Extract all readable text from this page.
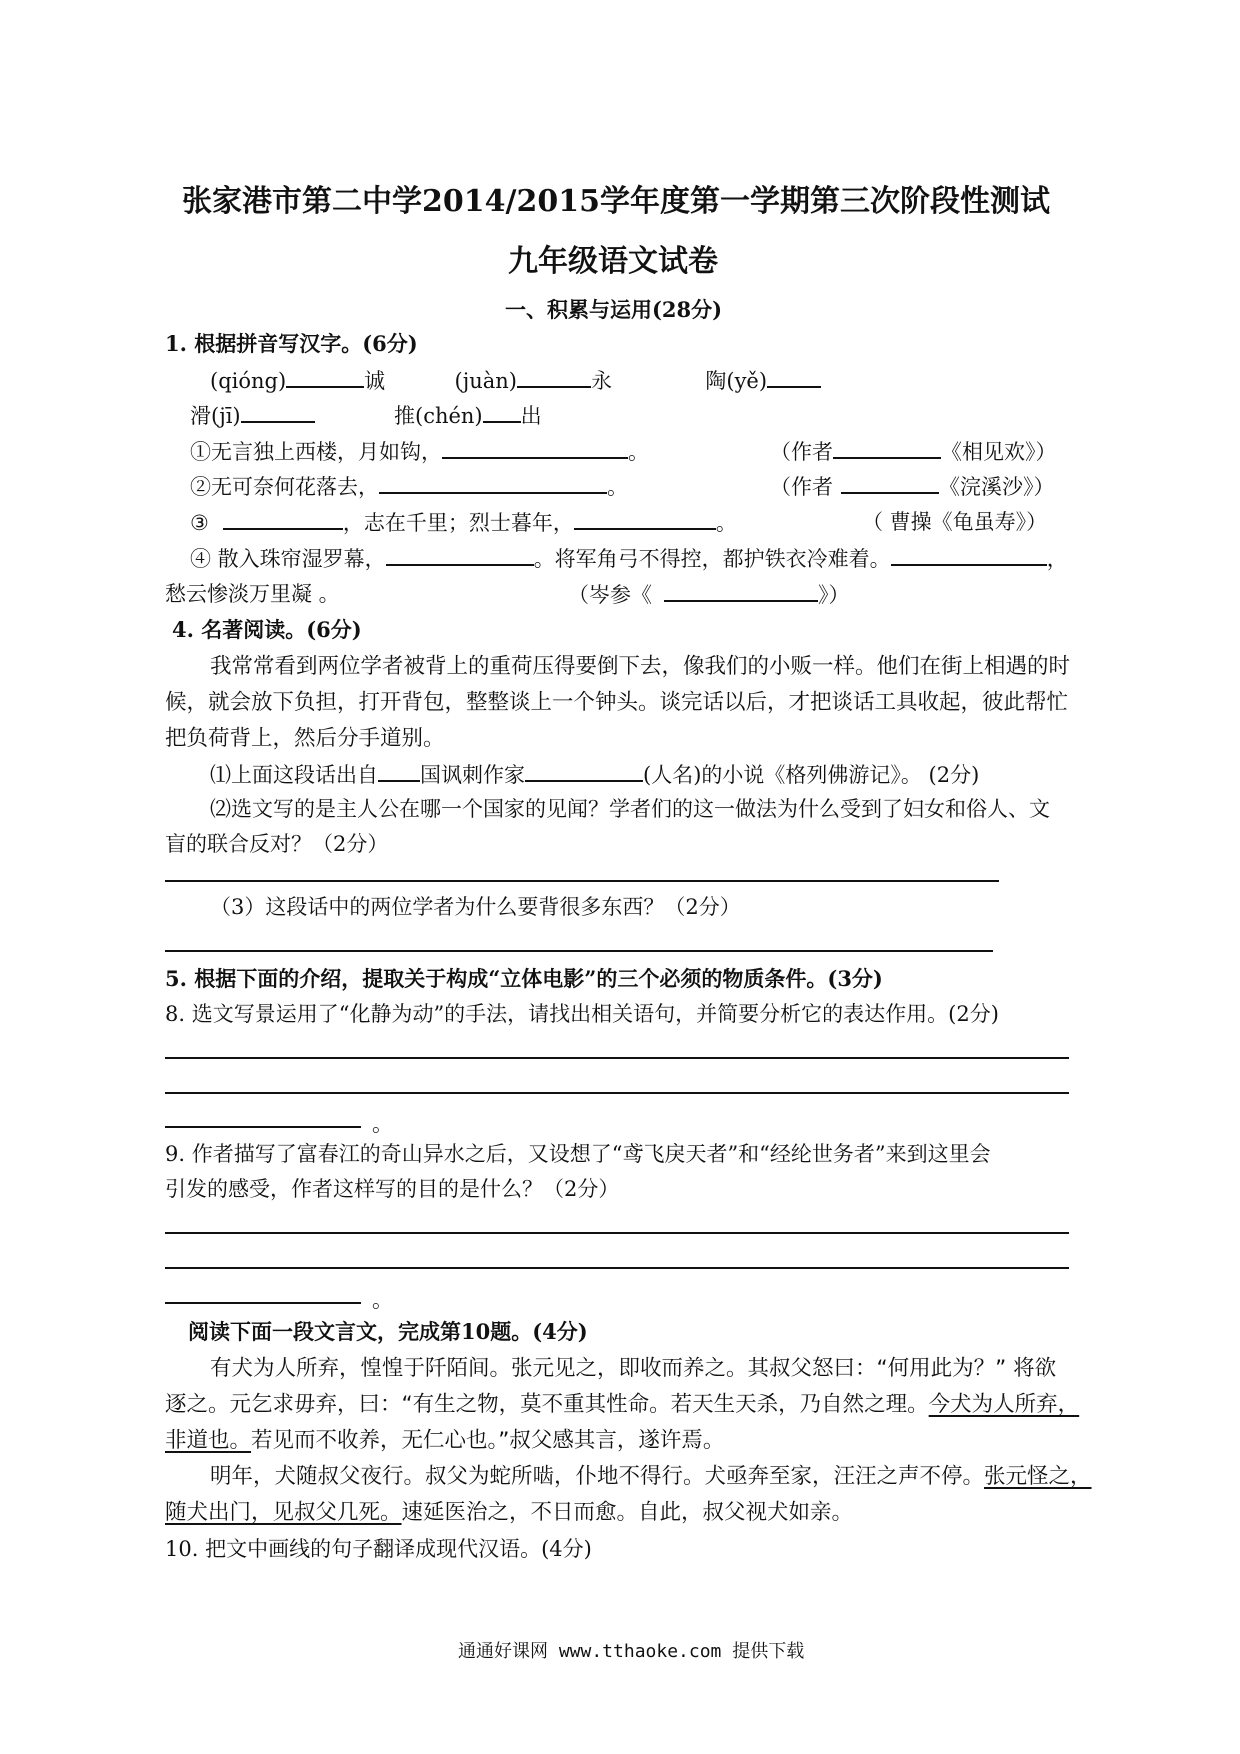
张家港市第二中学2014/2015学年度第一学期第三次阶段性测试
九年级语文试卷
一、积累与运用(28分)
1. 根据拼音写汉字。(6分)
(qióng)	诚	(juàn)	永	陶(yě)
滑(jī)	推(chén) 出
①无言独上西楼，月如钩，	。	（作者	《相见欢》）
②无可奈何花落去，	。	（作者	《浣溪沙》）
③	，志在千里；烈士暮年，	。	（ 曹操《龟虽寿》）
④ 散入珠帘湿罗幕，	。将军角弓不得控，都护铁衣冷难着。	，
愁云惨淡万里凝 。	（岑参《	》）
4. 名著阅读。(6分)
我常常看到两位学者被背上的重荷压得要倒下去，像我们的小贩一样。他们在街上相遇的时
候，就会放下负担，打开背包，整整谈上一个钟头。谈完话以后，才把谈话工具收起，彼此帮忙
把负荷背上，然后分手道别。
⑴上面这段话出自 国讽刺作家	(人名)的小说《格列佛游记》。 (2分)
⑵选文写的是主人公在哪一个国家的见闻？学者们的这一做法为什么受到了妇女和俗人、文
盲的联合反对？（2分）
（3）这段话中的两位学者为什么要背很多东西？（2分）
5. 根据下面的介绍，提取关于构成“立体电影”的三个必须的物质条件。(3分)
8. 选文写景运用了“化静为动”的手法，请找出相关语句，并简要分析它的表达作用。(2分)
。
9. 作者描写了富春江的奇山异水之后，又设想了“鸢飞戾天者”和“经纶世务者”来到这里会
引发的感受，作者这样写的目的是什么？（2分）
。
阅读下面一段文言文，完成第10题。(4分)
有犬为人所弃，惶惶于阡陌间。张元见之，即收而养之。其叔父怒曰：“何用此为？” 将欲
逐之。元乞求毋弃，曰：“有生之物，莫不重其性命。若天生天杀，乃自然之理。今犬为人所弃，
非道也。若见而不收养，无仁心也。”叔父感其言，遂许焉。
明年，犬随叔父夜行。叔父为蛇所啮，仆地不得行。犬亟奔至家，汪汪之声不停。张元怪之，
随犬出门，见叔父几死。速延医治之，不日而愈。自此，叔父视犬如亲。
10. 把文中画线的句子翻译成现代汉语。(4分)
通通好课网 www.tthaoke.com 提供下载
